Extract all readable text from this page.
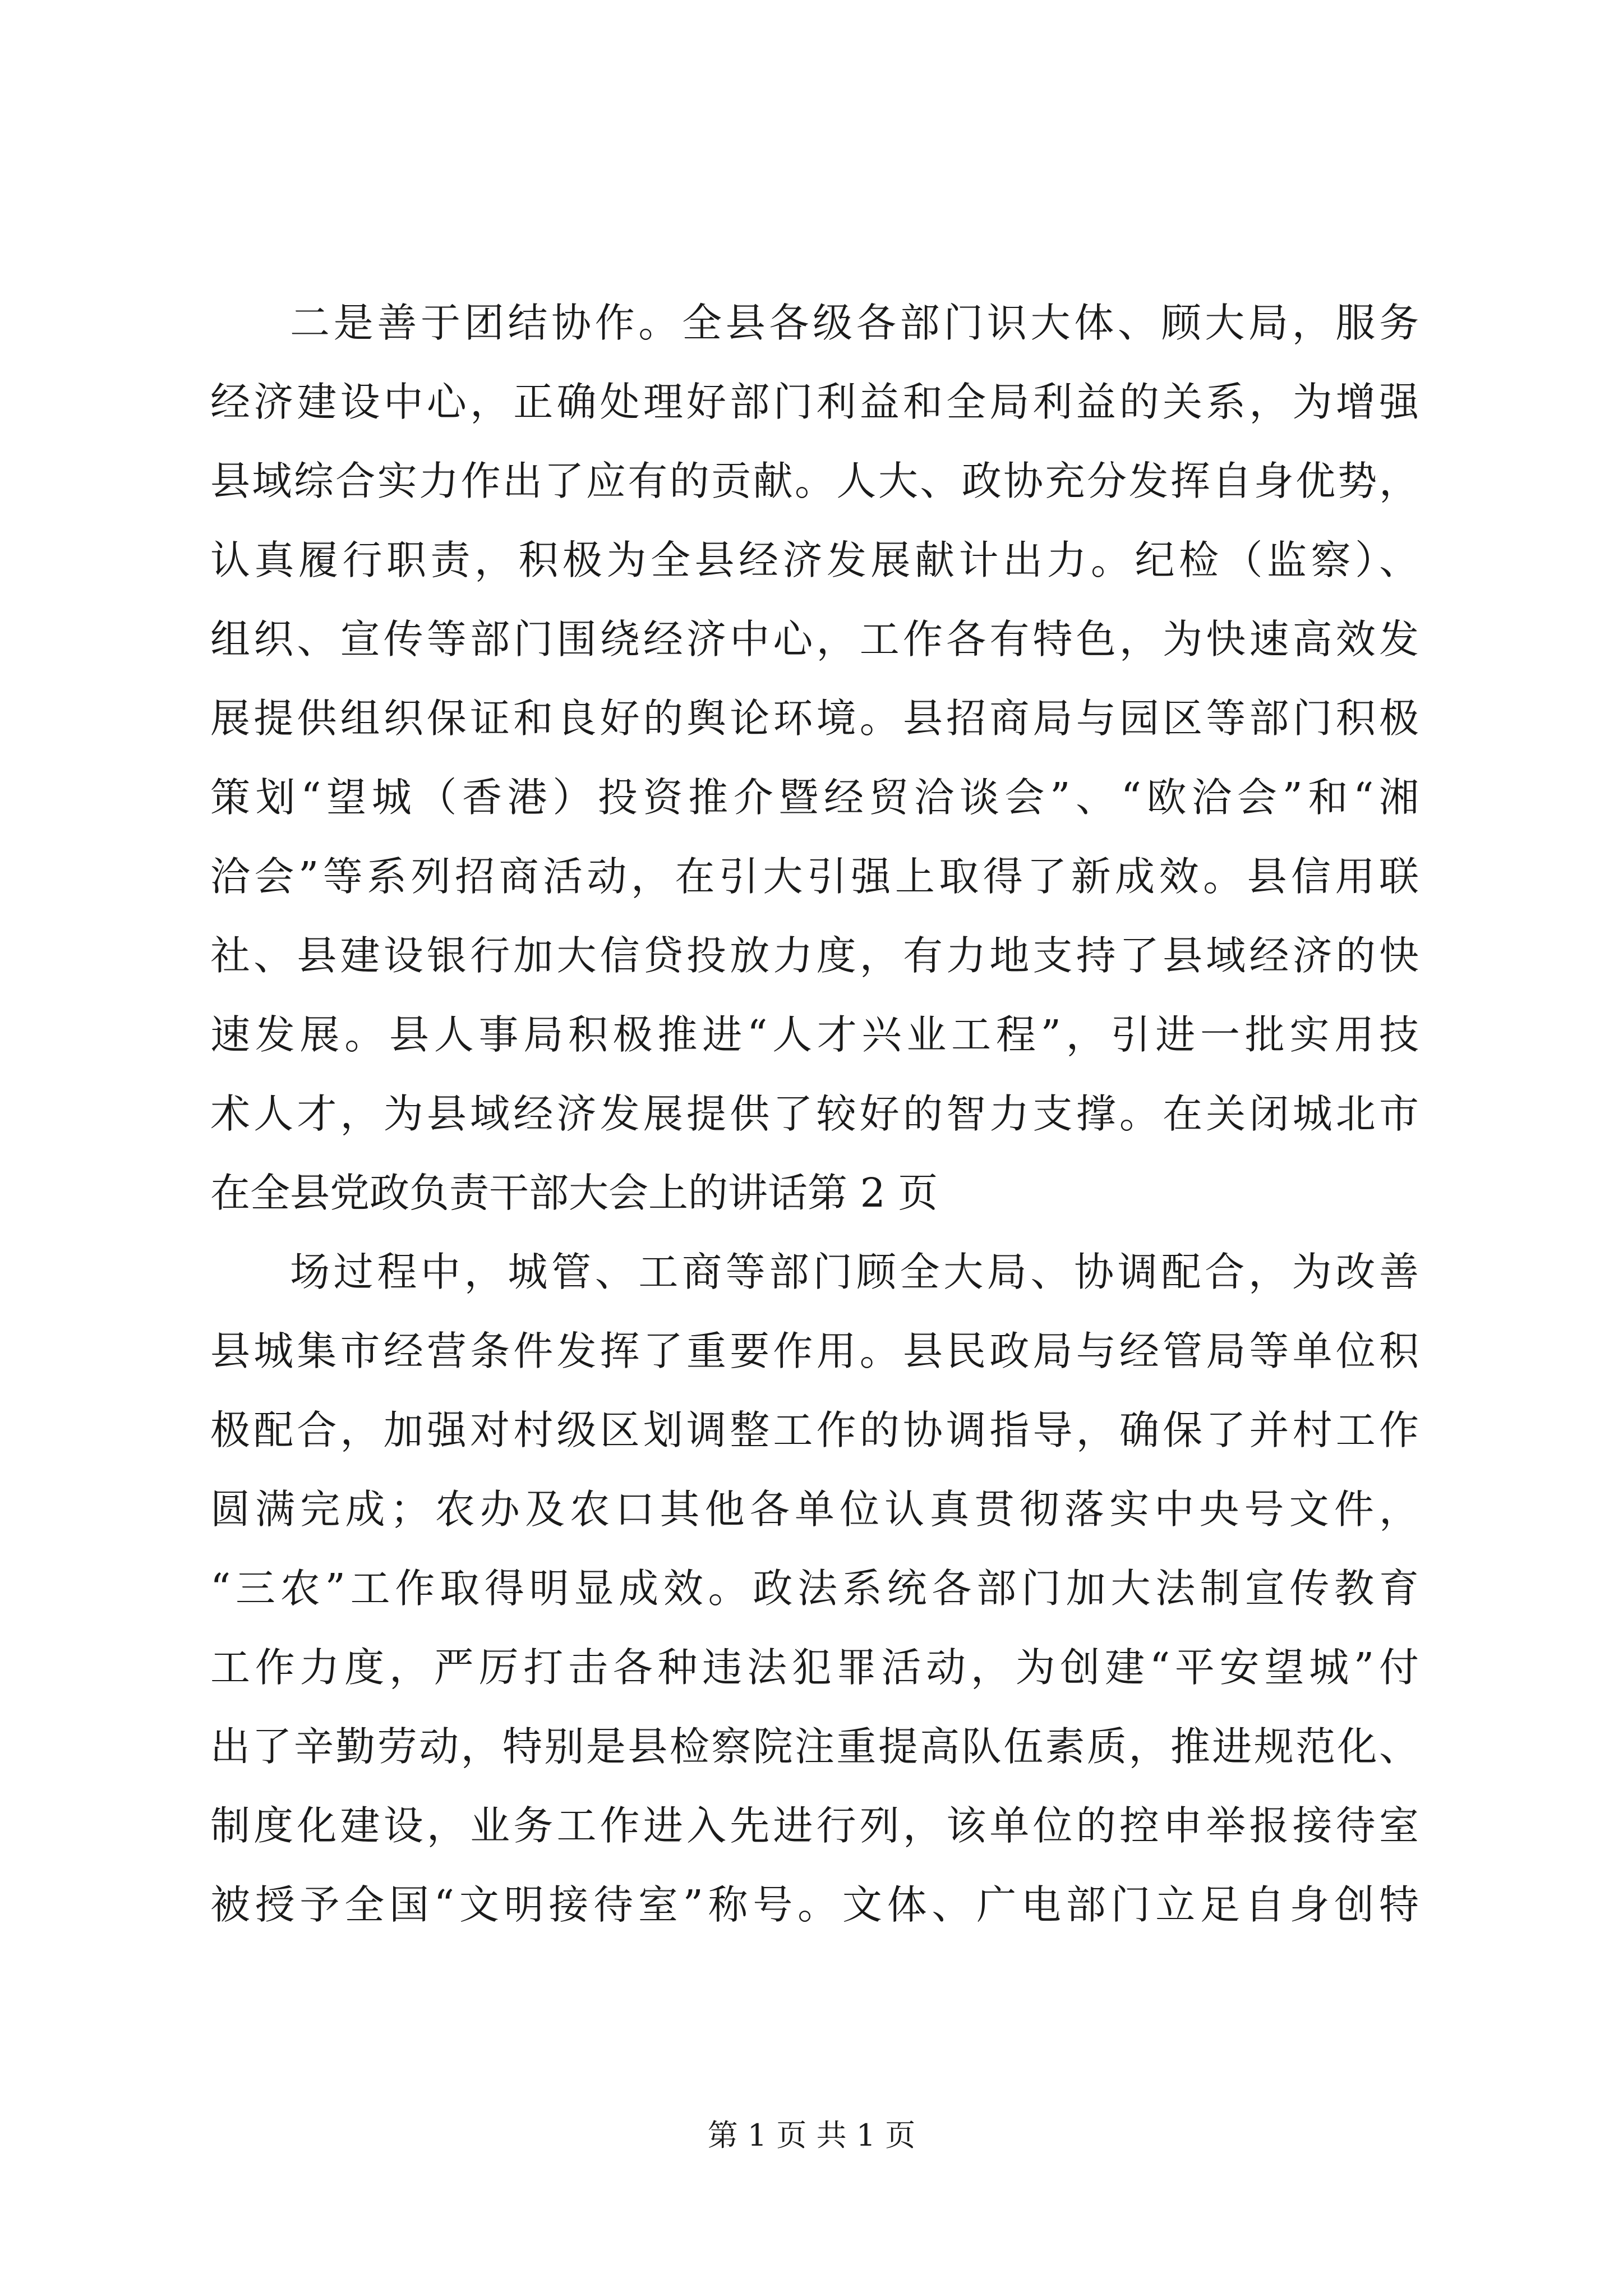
二是善于团结协作。全县各级各部门识大体、顾大局，服务
经济建设中心，正确处理好部门利益和全局利益的关系，为增强
县域综合实力作出了应有的贡献。人大、政协充分发挥自身优势，
认真履行职责，积极为全县经济发展献计出力。纪检（监察）、
组织、宣传等部门围绕经济中心，工作各有特色，为快速高效发
展提供组织保证和良好的舆论环境。县招商局与园区等部门积极
策划“望城（香港）投资推介暨经贸洽谈会”、“欧洽会”和“湘
洽会”等系列招商活动，在引大引强上取得了新成效。县信用联
社、县建设银行加大信贷投放力度，有力地支持了县域经济的快
速发展。县人事局积极推进“人才兴业工程”，引进一批实用技
术人才，为县域经济发展提供了较好的智力支撑。在关闭城北市
在全县党政负责干部大会上的讲话第 2 页
场过程中，城管、工商等部门顾全大局、协调配合，为改善
县城集市经营条件发挥了重要作用。县民政局与经管局等单位积
极配合，加强对村级区划调整工作的协调指导，确保了并村工作
圆满完成；农办及农口其他各单位认真贯彻落实中央号文件，
“三农”工作取得明显成效。政法系统各部门加大法制宣传教育
工作力度，严厉打击各种违法犯罪活动，为创建“平安望城”付
出了辛勤劳动，特别是县检察院注重提高队伍素质，推进规范化、
制度化建设，业务工作进入先进行列，该单位的控申举报接待室
被授予全国“文明接待室”称号。文体、广电部门立足自身创特
第 1 页 共 1 页
